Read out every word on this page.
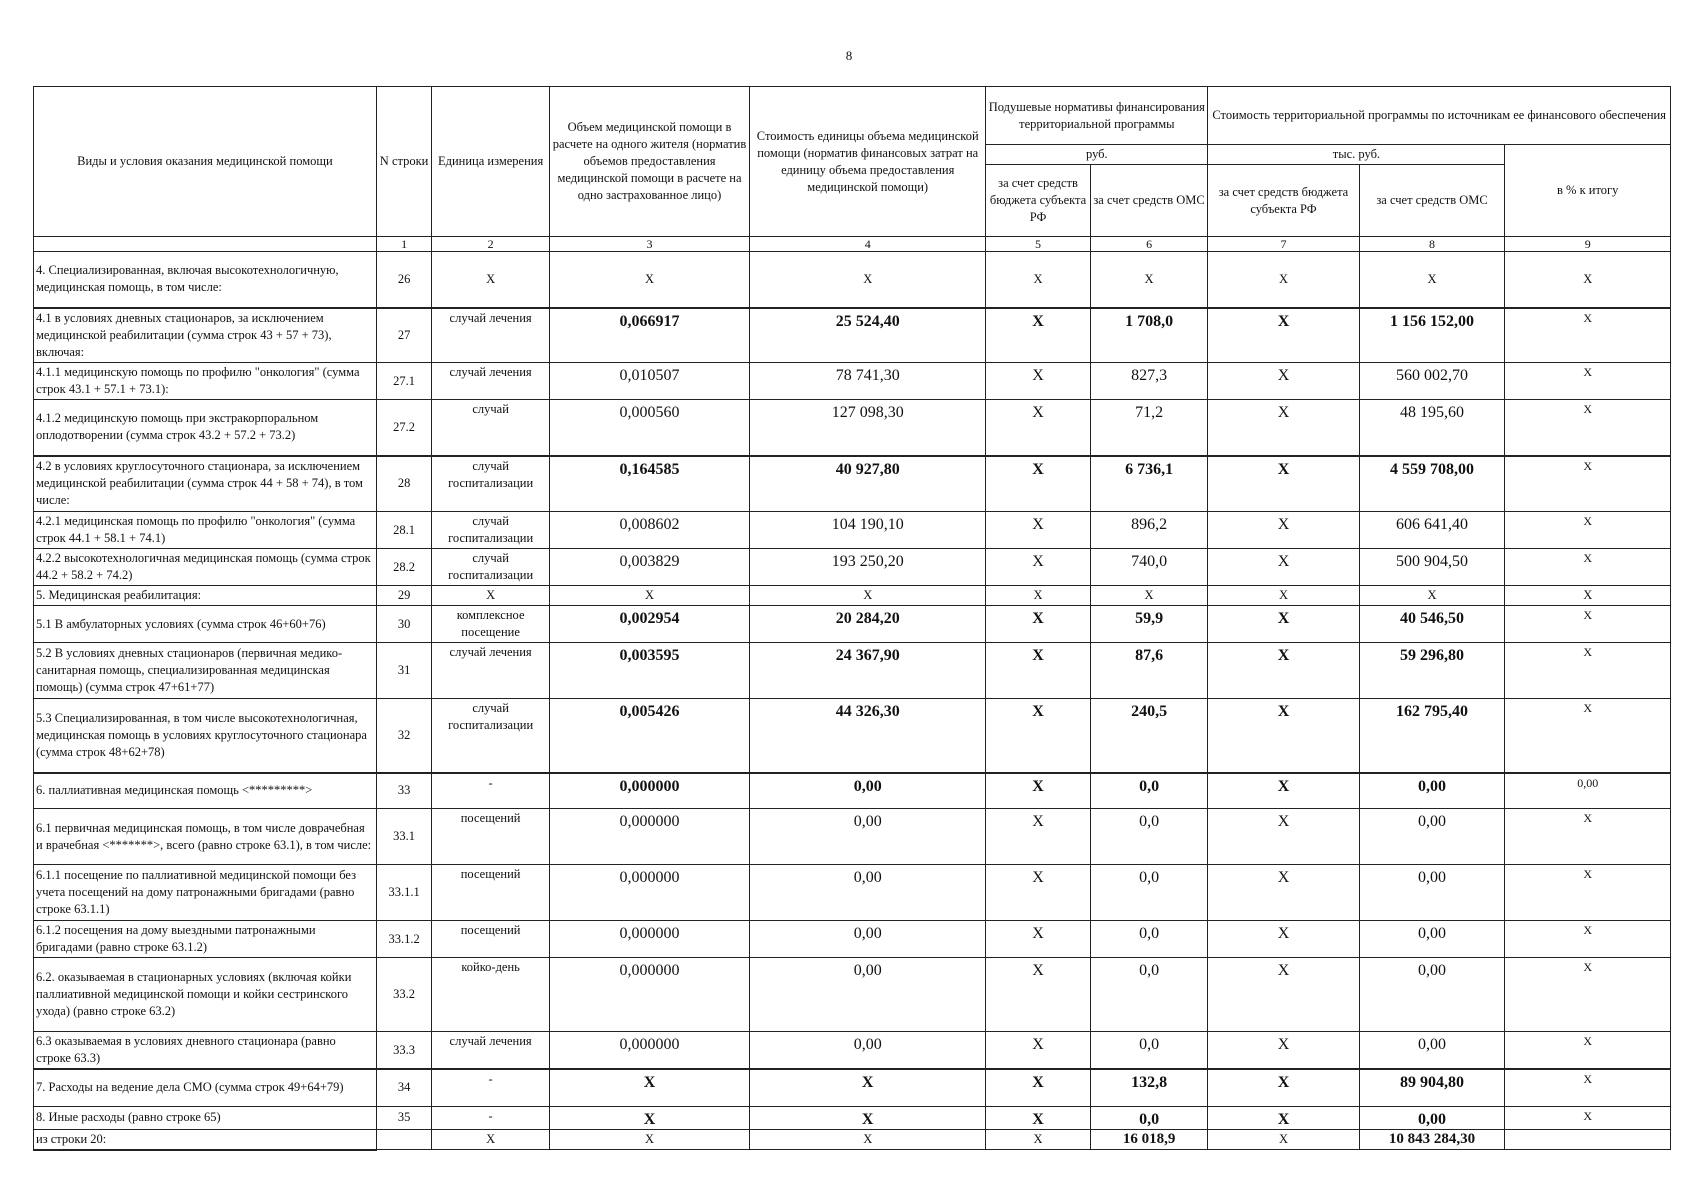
8
Виды и условия оказания медицинской помощи	N строки	Единица измерения	Объем медицинской помощи в расчете на одного жителя (норматив объемов предоставления медицинской помощи в расчете на одно застрахованное лицо)	Стоимость единицы объема медицинской помощи (норматив финансовых затрат на единицу объема предоставления медицинской помощи)	Подушевые нормативы финансирования территориальной программы		Стоимость территориальной программы по источникам ее финансового обеспечения		
					руб.		тыс. руб.		в % к итогу
					за счет средств бюджета субъекта РФ	за счет средств ОМС	за счет средств бюджета субъекта РФ	за счет средств ОМС	
	1	2	3	4	5	6	7	8	9
4. Специализированная, включая высокотехнологичную, медицинская помощь, в том числе:	26	X	X	X	X	X	X	X	X
4.1 в условиях дневных стационаров, за исключением медицинской реабилитации (сумма строк 43 + 57 + 73), включая:	27	случай лечения	0,066917	25 524,40	X	1 708,0	X	1 156 152,00	X
4.1.1 медицинскую помощь по профилю "онкология" (сумма строк 43.1 + 57.1 + 73.1):	27.1	случай лечения	0,010507	78 741,30	X	827,3	X	560 002,70	X
4.1.2 медицинскую помощь при экстракорпоральном оплодотворении (сумма строк 43.2 + 57.2 + 73.2)	27.2	случай	0,000560	127 098,30	X	71,2	X	48 195,60	X
4.2 в условиях круглосуточного стационара, за исключением медицинской реабилитации (сумма строк 44 + 58 + 74), в том числе:	28	случай госпитализации	0,164585	40 927,80	X	6 736,1	X	4 559 708,00	X
4.2.1 медицинская помощь по профилю "онкология" (сумма строк 44.1 + 58.1 + 74.1)	28.1	случай госпитализации	0,008602	104 190,10	X	896,2	X	606 641,40	X
4.2.2 высокотехнологичная медицинская помощь (сумма строк 44.2 + 58.2 + 74.2)	28.2	случай госпитализации	0,003829	193 250,20	X	740,0	X	500 904,50	X
5. Медицинская реабилитация:	29	X	X	X	X	X	X	X	X
5.1 В амбулаторных условиях (сумма строк 46+60+76)	30	комплексное посещение	0,002954	20 284,20	X	59,9	X	40 546,50	X
5.2 В условиях дневных стационаров (первичная медико-санитарная помощь, специализированная медицинская помощь) (сумма строк 47+61+77)	31	случай лечения	0,003595	24 367,90	X	87,6	X	59 296,80	X
5.3 Специализированная, в том числе высокотехнологичная, медицинская помощь в условиях круглосуточного стационара (сумма строк 48+62+78)	32	случай госпитализации	0,005426	44 326,30	X	240,5	X	162 795,40	X
6. паллиативная медицинская помощь <*********>	33	-	0,000000	0,00	X	0,0	X	0,00	0,00
6.1 первичная медицинская помощь, в том числе доврачебная и врачебная <*******>, всего (равно строке 63.1), в том числе:	33.1	посещений	0,000000	0,00	X	0,0	X	0,00	X
6.1.1 посещение по паллиативной медицинской помощи без учета посещений на дому патронажными бригадами (равно строке 63.1.1)	33.1.1	посещений	0,000000	0,00	X	0,0	X	0,00	X
6.1.2 посещения на дому выездными патронажными бригадами (равно строке 63.1.2)	33.1.2	посещений	0,000000	0,00	X	0,0	X	0,00	X
6.2. оказываемая в стационарных условиях (включая койки паллиативной медицинской помощи и койки сестринского ухода) (равно строке 63.2)	33.2	койко-день	0,000000	0,00	X	0,0	X	0,00	X
6.3 оказываемая в условиях дневного стационара (равно строке 63.3)	33.3	случай лечения	0,000000	0,00	X	0,0	X	0,00	X
7. Расходы на ведение дела СМО (сумма строк 49+64+79)	34	-	X	X	X	132,8	X	89 904,80	X
8. Иные расходы (равно строке 65)	35	-	X	X	X	0,0	X	0,00	X
из строки 20:		X	X	X	X	16 018,9	X	10 843 284,30	
